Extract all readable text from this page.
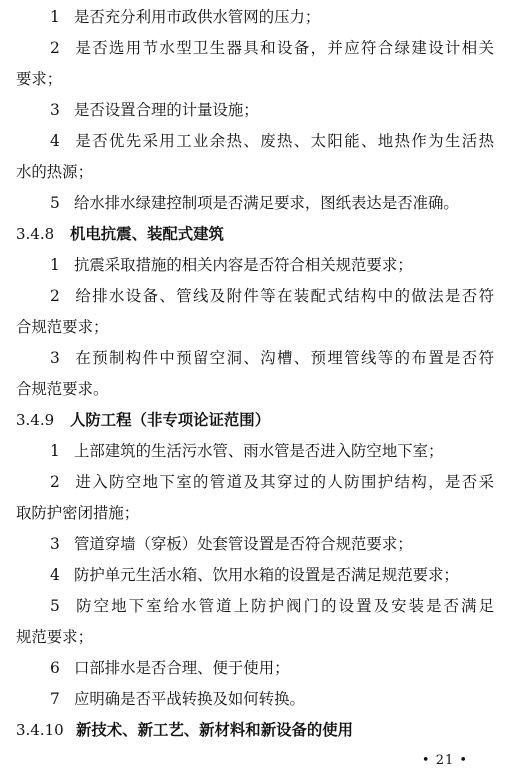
1 是否充分利用市政供水管网的压力；
2 是否选用节水型卫生器具和设备，并应符合绿建设计相关
要求；
3 是否设置合理的计量设施；
4 是否优先采用工业余热、废热、太阳能、地热作为生活热
水的热源；
5 给水排水绿建控制项是否满足要求，图纸表达是否准确。
3.4.8 机电抗震、装配式建筑
1 抗震采取措施的相关内容是否符合相关规范要求；
2 给排水设备、管线及附件等在装配式结构中的做法是否符
合规范要求；
3 在预制构件中预留空洞、沟槽、预埋管线等的布置是否符
合规范要求。
3.4.9 人防工程（非专项论证范围）
1 上部建筑的生活污水管、雨水管是否进入防空地下室；
2 进入防空地下室的管道及其穿过的人防围护结构，是否采
取防护密闭措施；
3 管道穿墙（穿板）处套管设置是否符合规范要求；
4 防护单元生活水箱、饮用水箱的设置是否满足规范要求；
5 防空地下室给水管道上防护阀门的设置及安装是否满足
规范要求；
6 口部排水是否合理、便于使用；
7 应明确是否平战转换及如何转换。
3.4.10 新技术、新工艺、新材料和新设备的使用
• 21 •
